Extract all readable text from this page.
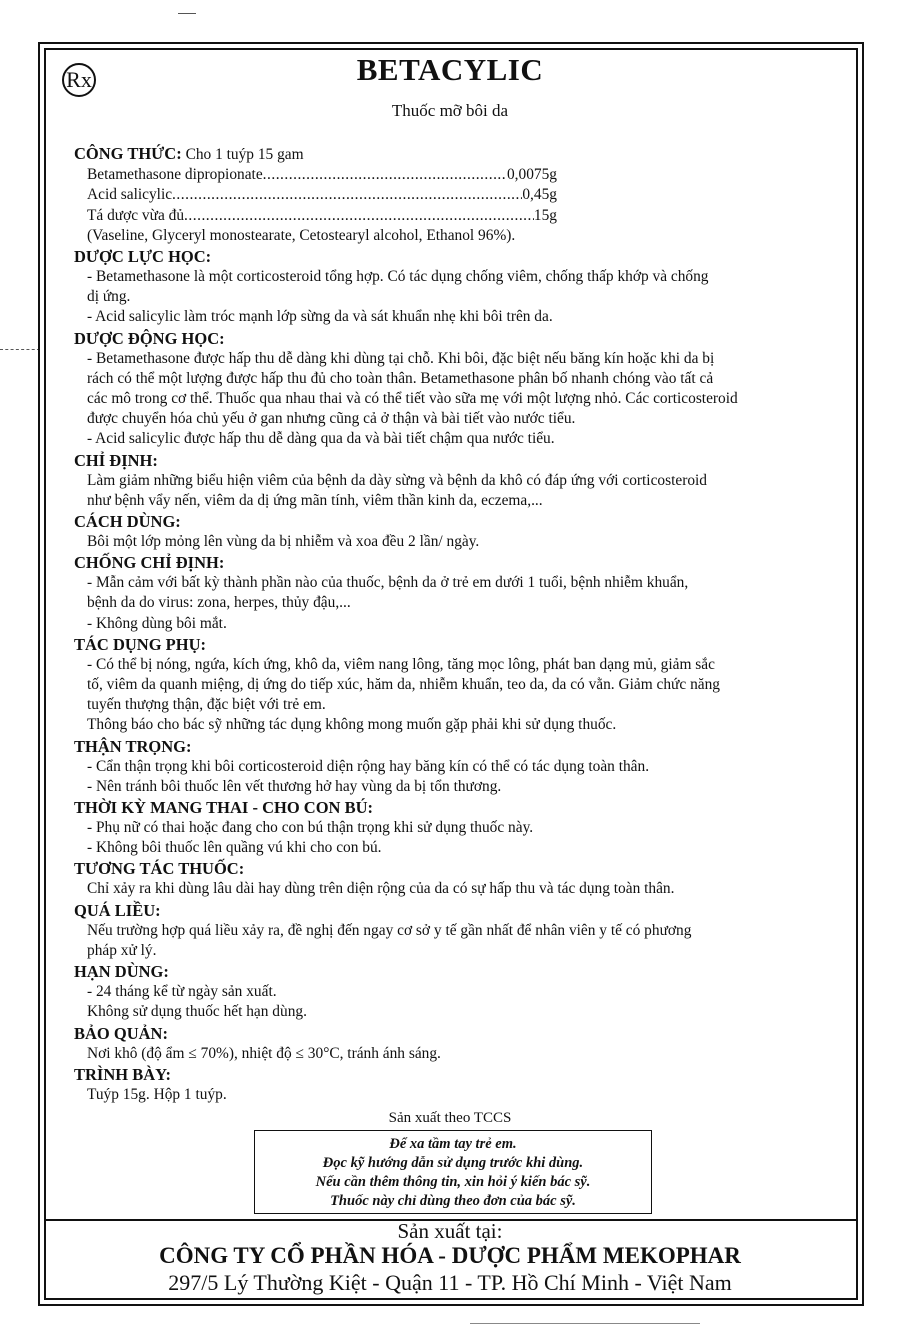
Rx	BETACYLIC
Thuốc mỡ bôi da
CÔNG THỨC: Cho 1 tuýp 15 gam
Betamethasone dipropionate .....	0,0075g
Acid salicylic .....	0,45g
Tá dược vừa đủ .....	15g
(Vaseline, Glyceryl monostearate, Cetostearyl alcohol, Ethanol 96%).
DƯỢC LỰC HỌC:
- Betamethasone là một corticosteroid tổng hợp. Có tác dụng chống viêm, chống thấp khớp và chống
dị ứng.
- Acid salicylic làm tróc mạnh lớp sừng da và sát khuẩn nhẹ khi bôi trên da.
DƯỢC ĐỘNG HỌC:
- Betamethasone được hấp thu dễ dàng khi dùng tại chỗ. Khi bôi, đặc biệt nếu băng kín hoặc khi da bị
rách có thể một lượng được hấp thu đủ cho toàn thân. Betamethasone phân bố nhanh chóng vào tất cả
các mô trong cơ thể. Thuốc qua nhau thai và có thể tiết vào sữa mẹ với một lượng nhỏ. Các corticosteroid
được chuyển hóa chủ yếu ở gan nhưng cũng cả ở thận và bài tiết vào nước tiểu.
- Acid salicylic được hấp thu dễ dàng qua da và bài tiết chậm qua nước tiểu.
CHỈ ĐỊNH:
Làm giảm những biểu hiện viêm của bệnh da dày sừng và bệnh da khô có đáp ứng với corticosteroid
như bệnh vẩy nến, viêm da dị ứng mãn tính, viêm thần kinh da, eczema,...
CÁCH DÙNG:
Bôi một lớp mỏng lên vùng da bị nhiễm và xoa đều 2 lần/ ngày.
CHỐNG CHỈ ĐỊNH:
- Mẫn cảm với bất kỳ thành phần nào của thuốc, bệnh da ở trẻ em dưới 1 tuổi, bệnh nhiễm khuẩn,
bệnh da do virus: zona, herpes, thủy đậu,...
- Không dùng bôi mắt.
TÁC DỤNG PHỤ:
- Có thể bị nóng, ngứa, kích ứng, khô da, viêm nang lông, tăng mọc lông, phát ban dạng mủ, giảm sắc
tố, viêm da quanh miệng, dị ứng do tiếp xúc, hăm da, nhiễm khuẩn, teo da, da có vằn. Giảm chức năng
tuyến thượng thận, đặc biệt với trẻ em.
Thông báo cho bác sỹ những tác dụng không mong muốn gặp phải khi sử dụng thuốc.
THẬN TRỌNG:
- Cẩn thận trọng khi bôi corticosteroid diện rộng hay băng kín có thể có tác dụng toàn thân.
- Nên tránh bôi thuốc lên vết thương hở hay vùng da bị tổn thương.
THỜI KỲ MANG THAI - CHO CON BÚ:
- Phụ nữ có thai hoặc đang cho con bú thận trọng khi sử dụng thuốc này.
- Không bôi thuốc lên quầng vú khi cho con bú.
TƯƠNG TÁC THUỐC:
Chỉ xảy ra khi dùng lâu dài hay dùng trên diện rộng của da có sự hấp thu và tác dụng toàn thân.
QUÁ LIỀU:
Nếu trường hợp quá liều xảy ra, đề nghị đến ngay cơ sở y tế gần nhất để nhân viên y tế có phương
pháp xử lý.
HẠN DÙNG:
- 24 tháng kể từ ngày sản xuất.
Không sử dụng thuốc hết hạn dùng.
BẢO QUẢN:
Nơi khô (độ ẩm ≤ 70%), nhiệt độ ≤ 30°C, tránh ánh sáng.
TRÌNH BÀY:
Tuýp 15g. Hộp 1 tuýp.
Sản xuất theo TCCS
Để xa tầm tay trẻ em.
Đọc kỹ hướng dẫn sử dụng trước khi dùng.
Nếu cần thêm thông tin, xin hỏi ý kiến bác sỹ.
Thuốc này chỉ dùng theo đơn của bác sỹ.
Sản xuất tại:
CÔNG TY CỔ PHẦN HÓA - DƯỢC PHẨM MEKOPHAR
297/5 Lý Thường Kiệt - Quận 11 - TP. Hồ Chí Minh - Việt Nam
